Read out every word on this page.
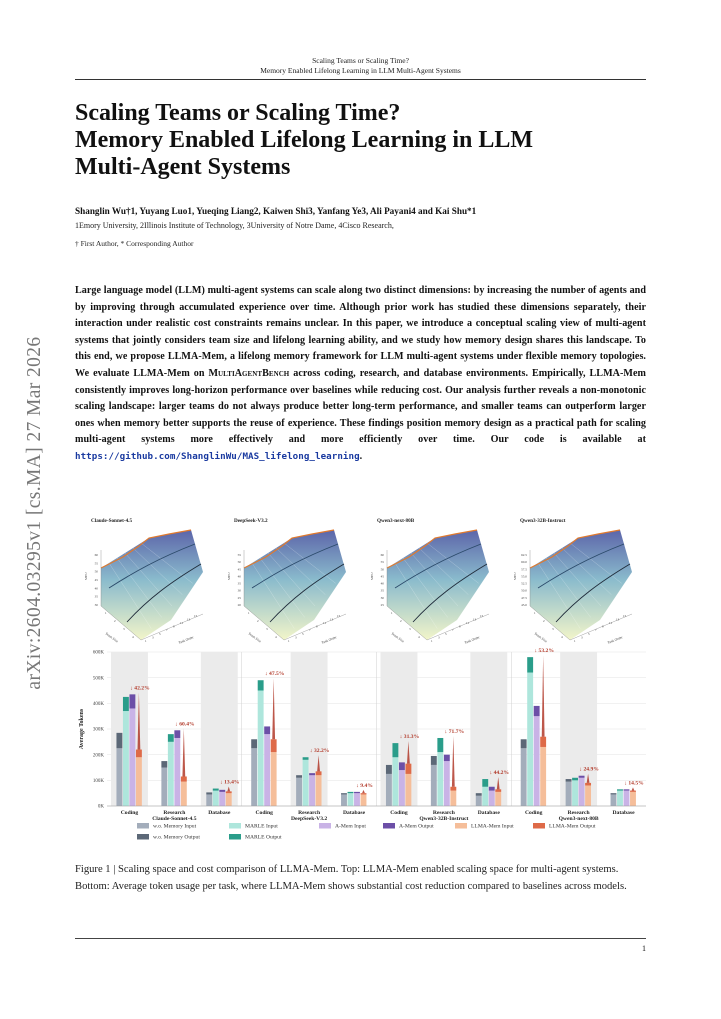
Scaling Teams or Scaling Time?
Memory Enabled Lifelong Learning in LLM Multi-Agent Systems
arXiv:2604.03295v1 [cs.MA] 27 Mar 2026
Scaling Teams or Scaling Time?
Memory Enabled Lifelong Learning in LLM
Multi-Agent Systems
Shanglin Wu†1, Yuyang Luo1, Yueqing Liang2, Kaiwen Shi3, Yanfang Ye3, Ali Payani4 and Kai Shu*1
1Emory University, 2Illinois Institute of Technology, 3University of Notre Dame, 4Cisco Research,
† First Author, * Corresponding Author
Large language model (LLM) multi-agent systems can scale along two distinct dimensions: by increasing the number of agents and by improving through accumulated experience over time. Although prior work has studied these dimensions separately, their interaction under realistic cost constraints remains unclear. In this paper, we introduce a conceptual scaling view of multi-agent systems that jointly considers team size and lifelong learning ability, and we study how memory design shares this landscape. To this end, we propose LLMA-Mem, a lifelong memory framework for LLM multi-agent systems under flexible memory topologies. We evaluate LLMA-Mem on MultiAgentBench across coding, research, and database environments. Empirically, LLMA-Mem consistently improves long-horizon performance over baselines while reducing cost. Our analysis further reveals a non-monotonic scaling landscape: larger teams do not always produce better long-term performance, and smaller teams can outperform larger ones when memory better supports the reuse of experience. These findings position memory design as a practical path for scaling multi-agent systems more effectively and more efficiently over time. Our code is available at https://github.com/ShanglinWu/MAS_lifelong_learning.
Claude-Sonnet-4.5
60
55
50
45
40
35
30
MEU
1
2
3
4
1
3
5
7
9
11
13
15
Team Size	Task Order
DeepSeek-V3.2
55
50
45
40
35
30
25
20
MEU
1
2
3
4
1
3
5
7
9
11
13
15
Team Size	Task Order
Qwen3-next-80B
60
55
50
45
40
35
30
25
MEU
1
2
3
4
1
3
5
7
9
11
13
15
Team Size	Task Order
Qwen3-32B-Instruct
62.5
60.0
57.5
55.0
52.5
50.0
47.5
45.0
MEU
1
2
3
4
1
3
5
7
9
11
13
15
Team Size	Task Order
0K
100K
200K
300K
400K
500K
600K
Average Tokens
↓ 42.2%
Coding
↓ 60.4%
Research
↓ 13.4%
Database
Claude-Sonnet-4.5
↓ 47.5%
Coding
↓ 32.2%
Research
↓ 9.4%
Database
DeepSeek-V3.2
↓ 31.3%
Coding
↓ 71.7%
Research
↓ 44.2%
Database
Qwen3-32B-Instruct
↓ 53.2%
Coding
↓ 24.9%
Research
↓ 14.5%
Database
Qwen3-next-80B
w.o. Memory Input	MARLE Input	A-Mem Input	A-Mem Output	LLMA-Mem Input	LLMA-Mem Output
w.o. Memory Output	MARLE Output
Figure 1 | Scaling space and cost comparison of LLMA-Mem. Top: LLMA-Mem enabled scaling space for multi-agent systems. Bottom: Average token usage per task, where LLMA-Mem shows substantial cost reduction compared to baselines across models.
1
